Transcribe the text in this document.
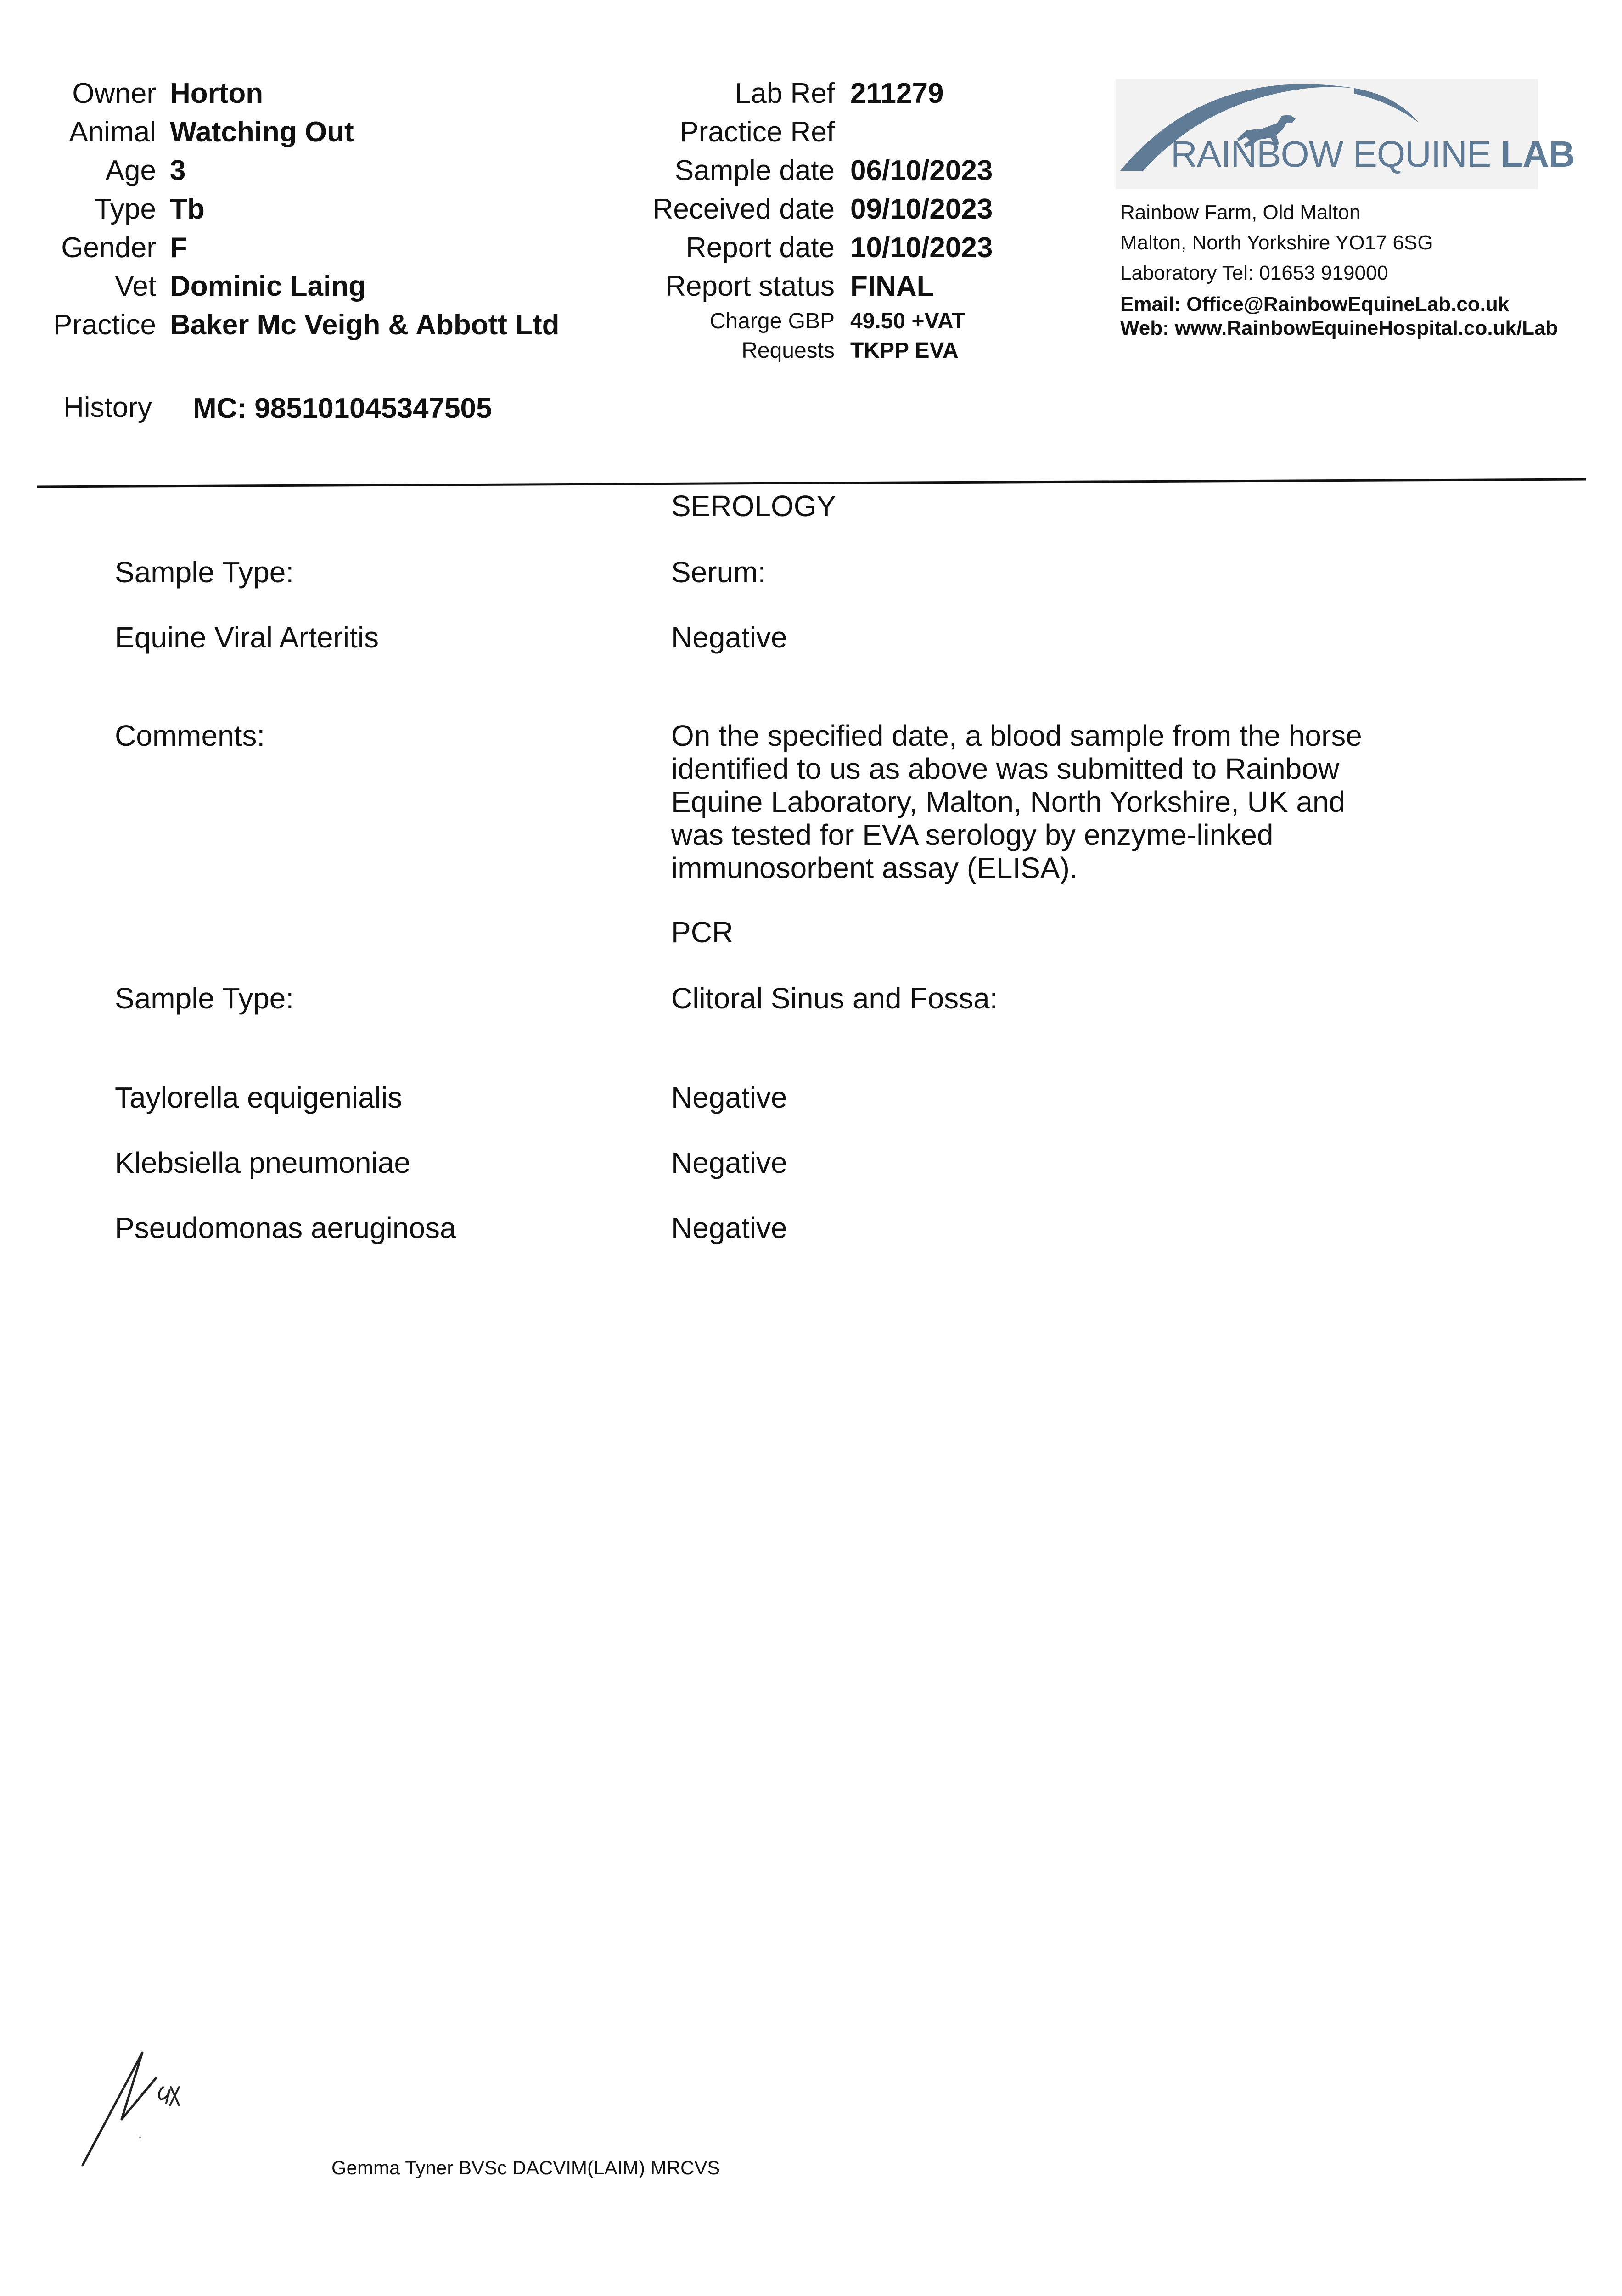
Owner Horton
Animal Watching Out
Age 3
Type Tb
Gender F
Vet Dominic Laing
Practice Baker Mc Veigh & Abbott Ltd
History MC: 985101045347505
Lab Ref 211279
Practice Ref
Sample date 06/10/2023
Received date 09/10/2023
Report date 10/10/2023
Report status FINAL
Charge GBP 49.50 +VAT
Requests TKPP EVA
RAINBOW EQUINE LAB
Rainbow Farm, Old Malton
Malton, North Yorkshire YO17 6SG
Laboratory Tel: 01653 919000
Email: Office@RainbowEquineLab.co.uk
Web: www.RainbowEquineHospital.co.uk/Lab
SEROLOGY
Sample Type:	Serum:
Equine Viral Arteritis	Negative
Comments:	On the specified date, a blood sample from the horse
identified to us as above was submitted to Rainbow
Equine Laboratory, Malton, North Yorkshire, UK and
was tested for EVA serology by enzyme-linked
immunosorbent assay (ELISA).
PCR
Sample Type:	Clitoral Sinus and Fossa:
Taylorella equigenialis	Negative
Klebsiella pneumoniae	Negative
Pseudomonas aeruginosa	Negative
Gemma Tyner BVSc DACVIM(LAIM) MRCVS
